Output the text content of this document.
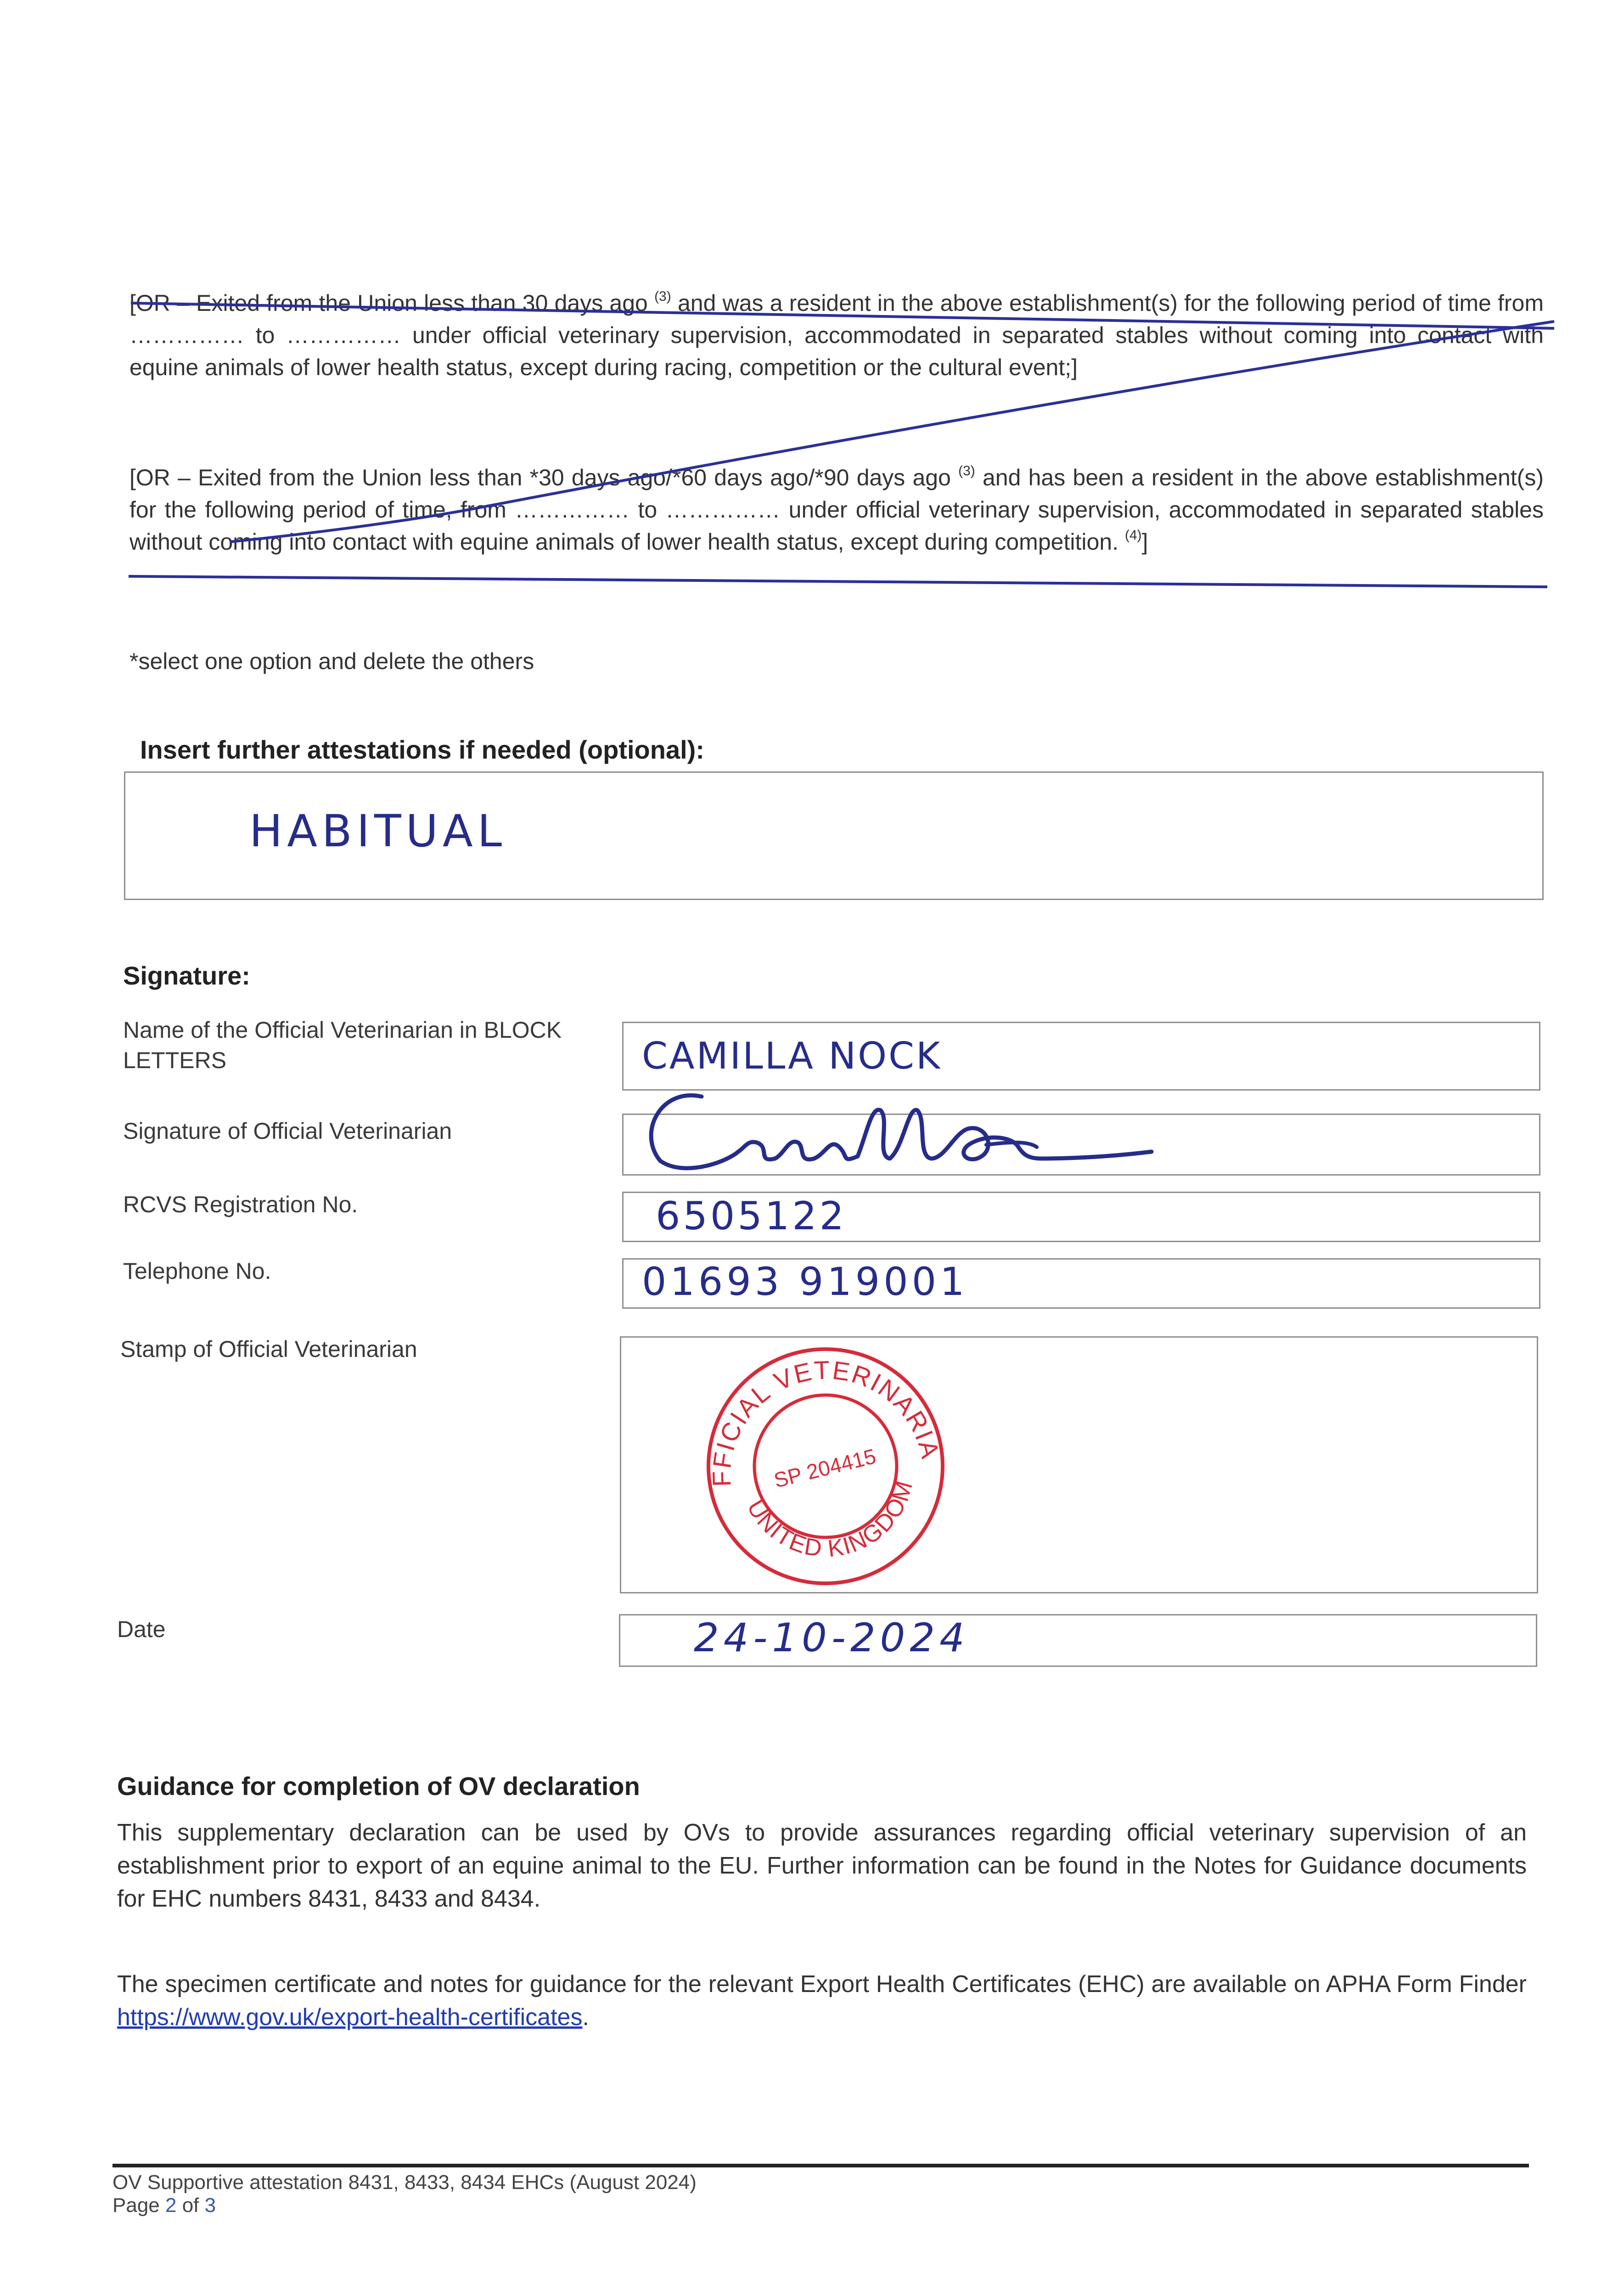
[OR – Exited from the Union less than 30 days ago $^{(3)}$ and was a resident in the above establishment(s) for the following period of time from …………… to …………… under official veterinary supervision, accommodated in separated stables without coming into contact with equine animals of lower health status, except during racing, competition or the cultural event;]
[OR – Exited from the Union less than *30 days ago/*60 days ago/*90 days ago $^{(3)}$ and has been a resident in the above establishment(s) for the following period of time, from …………… to …………… under official veterinary supervision, accommodated in separated stables without coming into contact with equine animals of lower health status, except during competition. $^{(4)}$]
*select one option and delete the others
Insert further attestations if needed (optional):
HABITUAL
Signature:
Name of the Official Veterinarian in BLOCK LETTERS	CAMILLA NOCK
Signature of Official Veterinarian
RCVS Registration No.	6505122
Telephone No.	01693 919001
Stamp of Official Veterinarian	OFFICIAL VETERINARIAN
UNITED KINGDOM
SP 204415
Date	24-10-2024
Guidance for completion of OV declaration
This supplementary declaration can be used by OVs to provide assurances regarding official veterinary supervision of an establishment prior to export of an equine animal to the EU. Further information can be found in the Notes for Guidance documents for EHC numbers 8431, 8433 and 8434.
The specimen certificate and notes for guidance for the relevant Export Health Certificates (EHC) are available on APHA Form Finder https://www.gov.uk/export-health-certificates.
OV Supportive attestation 8431, 8433, 8434 EHCs (August 2024)
Page 2 of 3
